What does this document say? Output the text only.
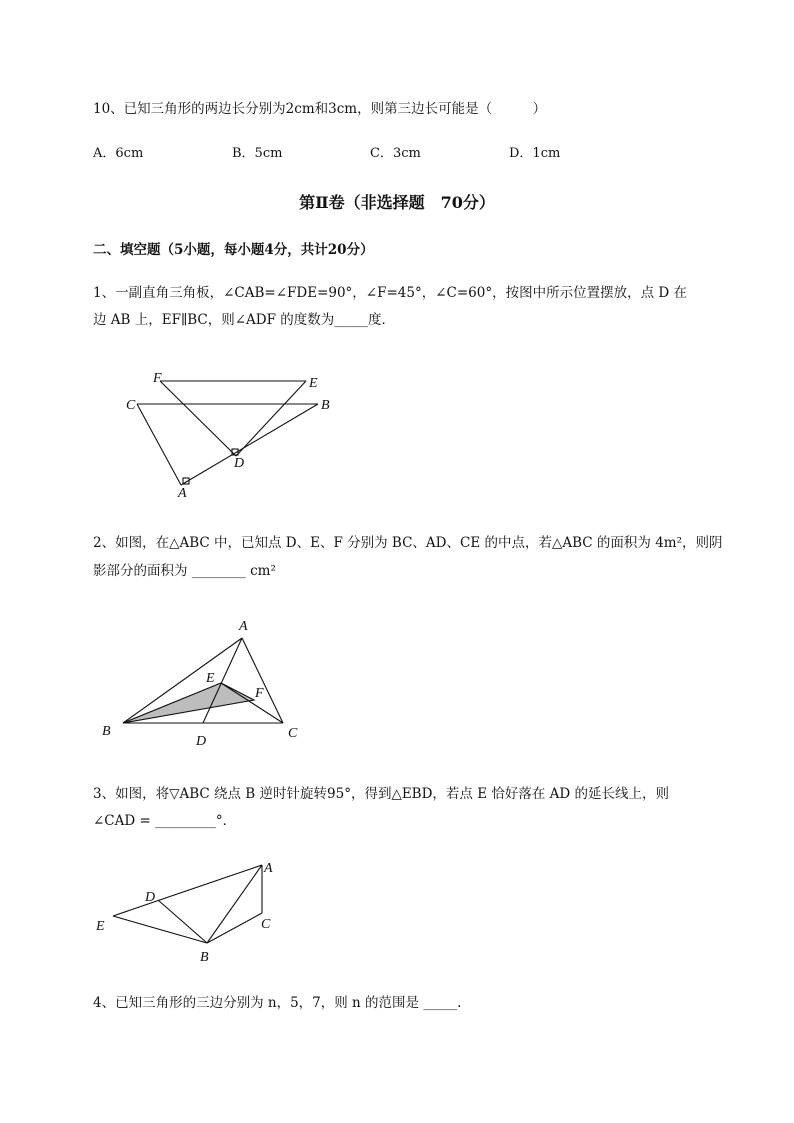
10、已知三角形的两边长分别为2cm和3cm，则第三边长可能是（　　　）
A．6cm	B．5cm	C．3cm	D．1cm
第Ⅱ卷（非选择题　70分）
二、填空题（5小题，每小题4分，共计20分）
1、一副直角三角板，∠CAB=∠FDE=90°，∠F=45°，∠C=60°，按图中所示位置摆放，点 D 在
边 AB 上，EF∥BC，则∠ADF 的度数为_____度．
2、如图，在△ABC 中，已知点 D、E、F 分别为 BC、AD、CE 的中点，若△ABC 的面积为 4m²，则阴
影部分的面积为 ________ cm²
3、如图，将▽ABC 绕点 B 逆时针旋转95°，得到△EBD，若点 E 恰好落在 AD 的延长线上，则
∠CAD = _________°．
4、已知三角形的三边分别为 n，5，7，则 n 的范围是 _____.
F	E
C	B
D
A
A
E
F
B
D
C
A
D
E	C
B
